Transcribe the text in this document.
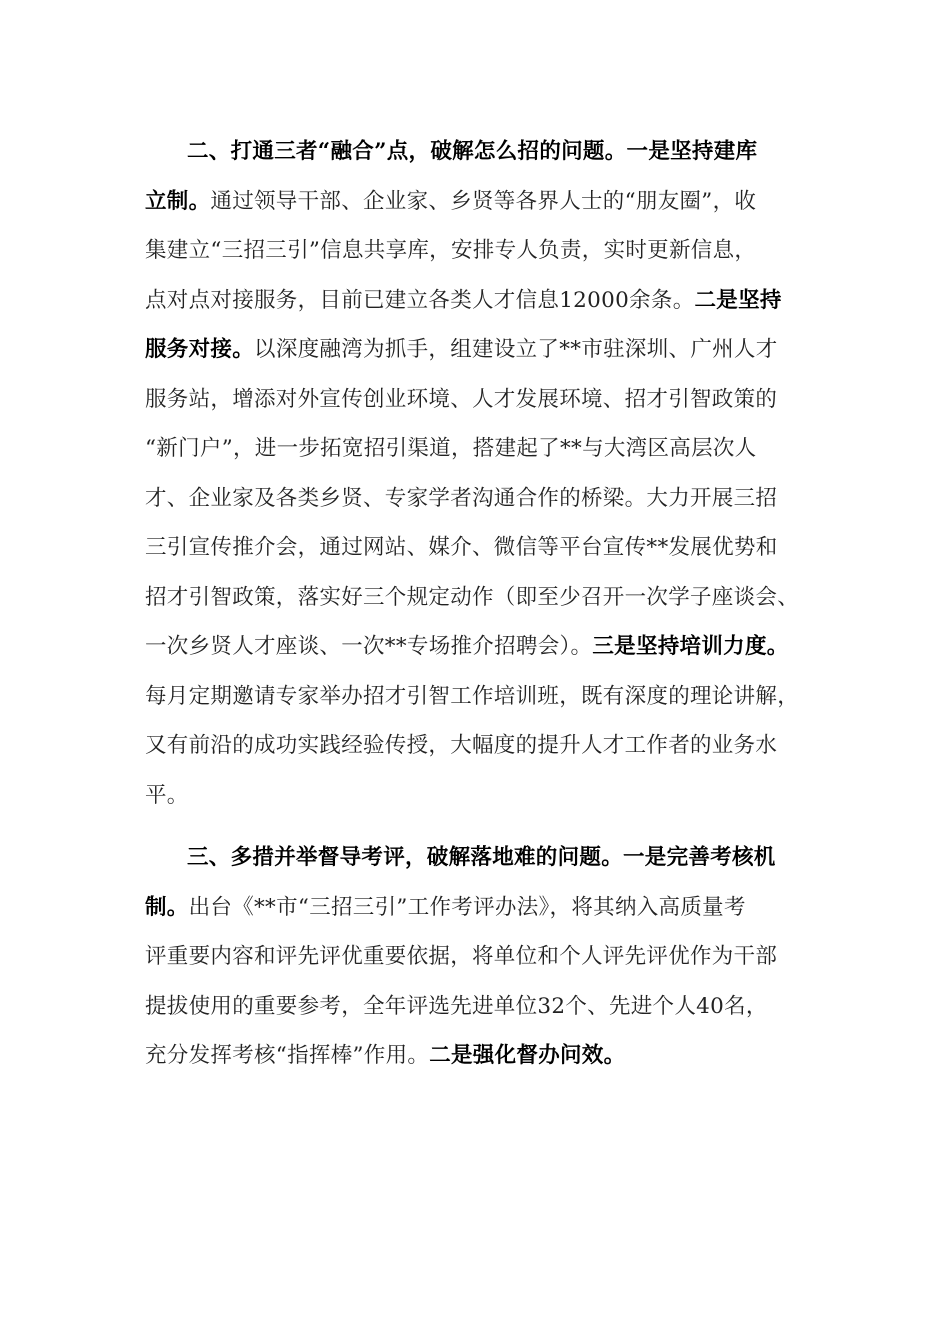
二、打通三者“融合”点，破解怎么招的问题。一是坚持建库
立制。通过领导干部、企业家、乡贤等各界人士的“朋友圈”，收
集建立“三招三引”信息共享库，安排专人负责，实时更新信息，
点对点对接服务，目前已建立各类人才信息12000余条。二是坚持
服务对接。以深度融湾为抓手，组建设立了**市驻深圳、广州人才
服务站，增添对外宣传创业环境、人才发展环境、招才引智政策的
“新门户”，进一步拓宽招引渠道，搭建起了**与大湾区高层次人
才、企业家及各类乡贤、专家学者沟通合作的桥梁。大力开展三招
三引宣传推介会，通过网站、媒介、微信等平台宣传**发展优势和
招才引智政策，落实好三个规定动作（即至少召开一次学子座谈会、
一次乡贤人才座谈、一次**专场推介招聘会）。三是坚持培训力度。
每月定期邀请专家举办招才引智工作培训班，既有深度的理论讲解，
又有前沿的成功实践经验传授，大幅度的提升人才工作者的业务水
平。
三、多措并举督导考评，破解落地难的问题。一是完善考核机
制。出台《**市“三招三引”工作考评办法》，将其纳入高质量考
评重要内容和评先评优重要依据，将单位和个人评先评优作为干部
提拔使用的重要参考，全年评选先进单位32个、先进个人40名，
充分发挥考核“指挥棒”作用。二是强化督办问效。
